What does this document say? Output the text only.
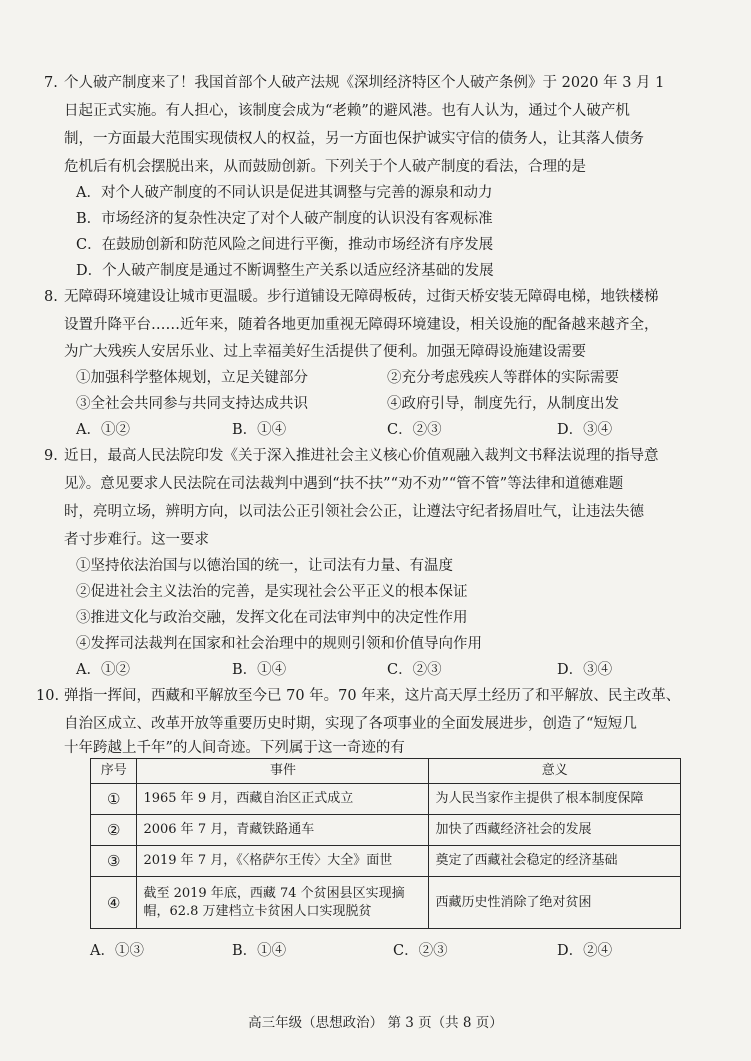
7. 个人破产制度来了！我国首部个人破产法规《深圳经济特区个人破产条例》于 2020 年 3 月 1
日起正式实施。有人担心，该制度会成为“老赖”的避风港。也有人认为，通过个人破产机
制，一方面最大范围实现债权人的权益，另一方面也保护诚实守信的债务人，让其落人债务
危机后有机会摆脱出来，从而鼓励创新。下列关于个人破产制度的看法，合理的是
A．对个人破产制度的不同认识是促进其调整与完善的源泉和动力
B．市场经济的复杂性决定了对个人破产制度的认识没有客观标准
C．在鼓励创新和防范风险之间进行平衡，推动市场经济有序发展
D．个人破产制度是通过不断调整生产关系以适应经济基础的发展
8. 无障碍环境建设让城市更温暖。步行道铺设无障碍板砖，过街天桥安装无障碍电梯，地铁楼梯
设置升降平台……近年来，随着各地更加重视无障碍环境建设，相关设施的配备越来越齐全，
为广大残疾人安居乐业、过上幸福美好生活提供了便利。加强无障碍设施建设需要
①加强科学整体规划，立足关键部分	②充分考虑残疾人等群体的实际需要
③全社会共同参与共同支持达成共识	④政府引导，制度先行，从制度出发
A．①②	B．①④	C．②③	D．③④
9. 近日，最高人民法院印发《关于深入推进社会主义核心价值观融入裁判文书释法说理的指导意
见》。意见要求人民法院在司法裁判中遇到“扶不扶”“劝不劝”“管不管”等法律和道德难题
时，亮明立场，辨明方向，以司法公正引领社会公正，让遵法守纪者扬眉吐气，让违法失德
者寸步难行。这一要求
①坚持依法治国与以德治国的统一，让司法有力量、有温度
②促进社会主义法治的完善，是实现社会公平正义的根本保证
③推进文化与政治交融，发挥文化在司法审判中的决定性作用
④发挥司法裁判在国家和社会治理中的规则引领和价值导向作用
A．①②	B．①④	C．②③	D．③④
10. 弹指一挥间，西藏和平解放至今已 70 年。70 年来，这片高天厚土经历了和平解放、民主改革、
自治区成立、改革开放等重要历史时期，实现了各项事业的全面发展进步，创造了“短短几
十年跨越上千年”的人间奇迹。下列属于这一奇迹的有
序号	事件	意义
①	1965 年 9 月，西藏自治区正式成立	为人民当家作主提供了根本制度保障
②	2006 年 7 月，青藏铁路通车	加快了西藏经济社会的发展
③	2019 年 7 月，《〈格萨尔王传〉大全》面世	奠定了西藏社会稳定的经济基础
④	截至 2019 年底，西藏 74 个贫困县区实现摘帽，62.8 万建档立卡贫困人口实现脱贫	西藏历史性消除了绝对贫困
A．①③	B．①④	C．②③	D．②④
高三年级（思想政治） 第 3 页（共 8 页）
